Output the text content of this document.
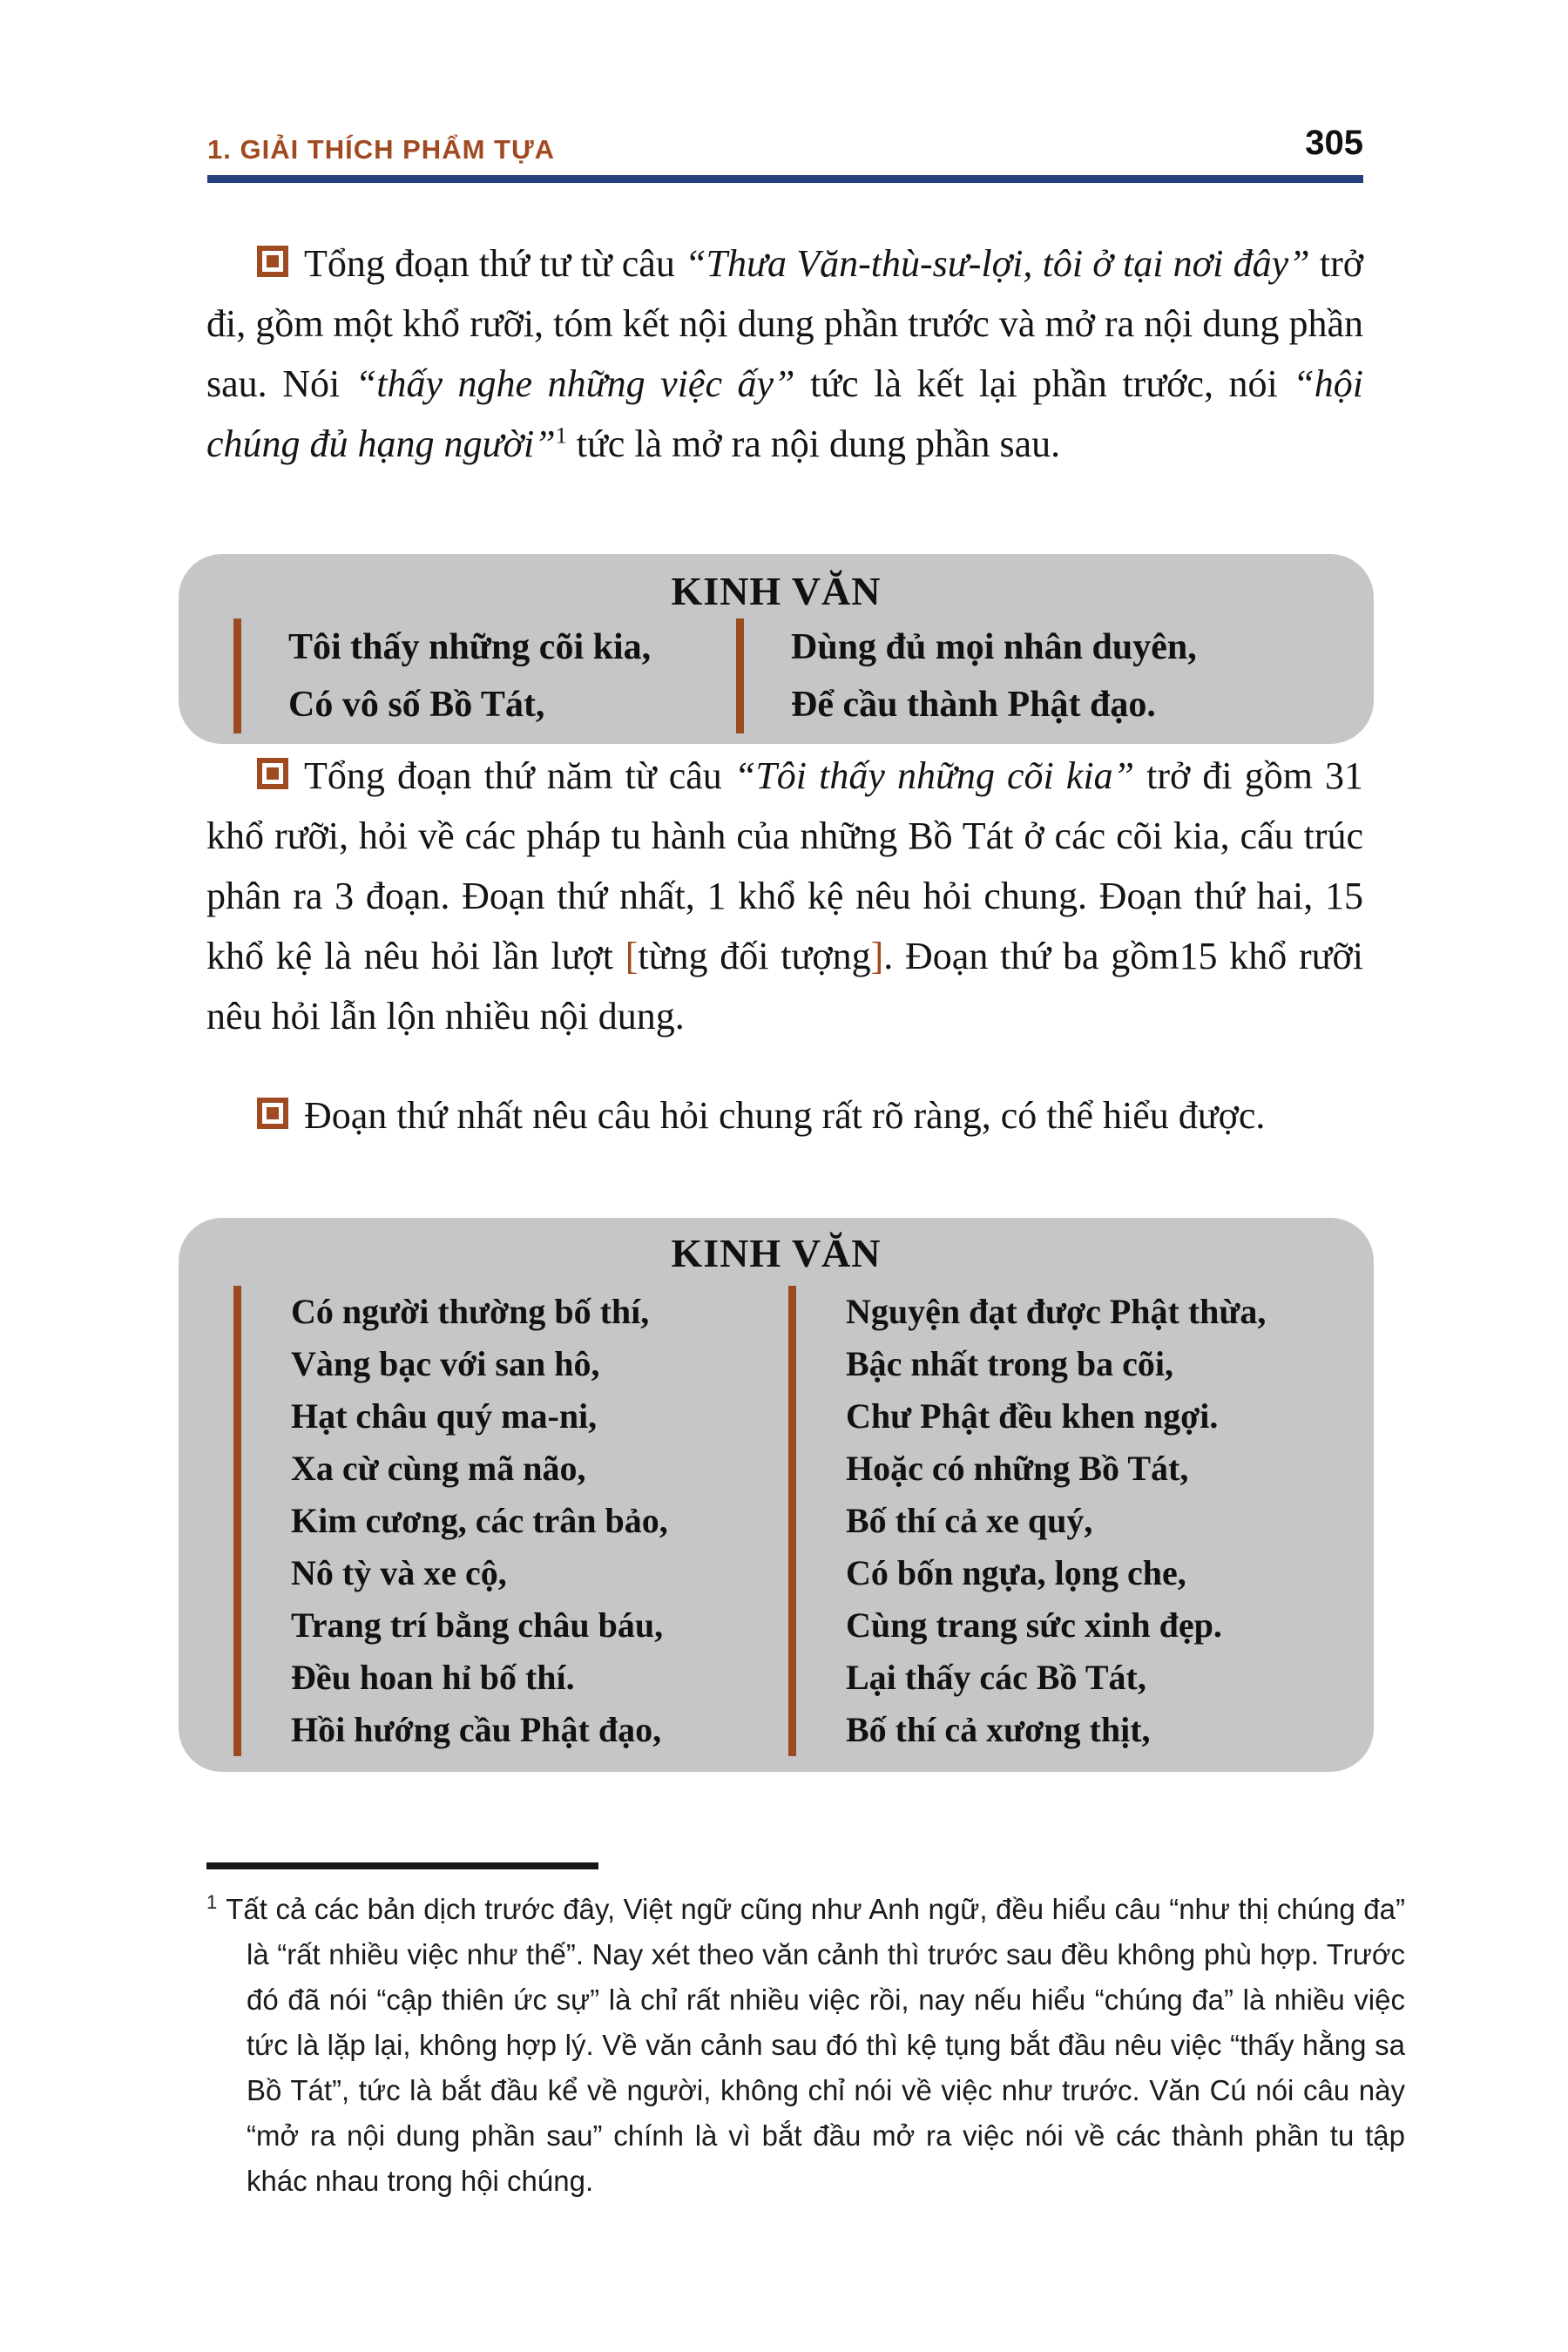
1. GIẢI THÍCH PHẨM TỰA	305

Tổng đoạn thứ tư từ câu “Thưa Văn-thù-sư-lợi, tôi ở tại nơi đây” trở đi, gồm một khổ rưỡi, tóm kết nội dung phần trước và mở ra nội dung phần sau. Nói “thấy nghe những việc ấy” tức là kết lại phần trước, nói “hội chúng đủ hạng người”$^1$ tức là mở ra nội dung phần sau.

KINH VĂN
Tôi thấy những cõi kia,
Có vô số Bồ Tát,
Dùng đủ mọi nhân duyên,
Để cầu thành Phật đạo.

Tổng đoạn thứ năm từ câu “Tôi thấy những cõi kia” trở đi gồm 31 khổ rưỡi, hỏi về các pháp tu hành của những Bồ Tát ở các cõi kia, cấu trúc phân ra 3 đoạn. Đoạn thứ nhất, 1 khổ kệ nêu hỏi chung. Đoạn thứ hai, 15 khổ kệ là nêu hỏi lần lượt [từng đối tượng]. Đoạn thứ ba gồm15 khổ rưỡi nêu hỏi lẫn lộn nhiều nội dung.

Đoạn thứ nhất nêu câu hỏi chung rất rõ ràng, có thể hiểu được.

KINH VĂN
Có người thường bố thí,
Vàng bạc với san hô,
Hạt châu quý ma-ni,
Xa cừ cùng mã não,
Kim cương, các trân bảo,
Nô tỳ và xe cộ,
Trang trí bằng châu báu,
Đều hoan hỉ bố thí.
Hồi hướng cầu Phật đạo,
Nguyện đạt được Phật thừa,
Bậc nhất trong ba cõi,
Chư Phật đều khen ngợi.
Hoặc có những Bồ Tát,
Bố thí cả xe quý,
Có bốn ngựa, lọng che,
Cùng trang sức xinh đẹp.
Lại thấy các Bồ Tát,
Bố thí cả xương thịt,
$^1$ Tất cả các bản dịch trước đây, Việt ngữ cũng như Anh ngữ, đều hiểu câu “như thị chúng đa” là “rất nhiều việc như thế”. Nay xét theo văn cảnh thì trước sau đều không phù hợp. Trước đó đã nói “cập thiên ức sự” là chỉ rất nhiều việc rồi, nay nếu hiểu “chúng đa” là nhiều việc tức là lặp lại, không hợp lý. Về văn cảnh sau đó thì kệ tụng bắt đầu nêu việc “thấy hằng sa Bồ Tát”, tức là bắt đầu kể về người, không chỉ nói về việc như trước. Văn Cú nói câu này “mở ra nội dung phần sau” chính là vì bắt đầu mở ra việc nói về các thành phần tu tập khác nhau trong hội chúng.
